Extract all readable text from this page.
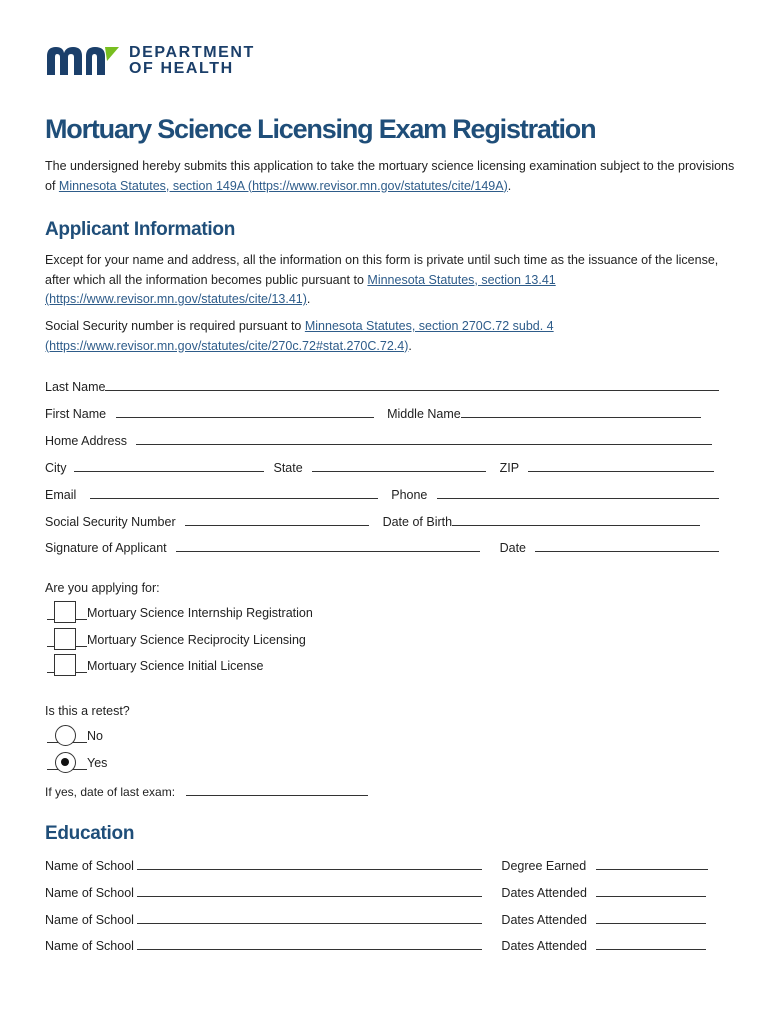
DEPARTMENT
OF HEALTH
Mortuary Science Licensing Exam Registration
The undersigned hereby submits this application to take the mortuary science licensing examination subject to the provisions of Minnesota Statutes, section 149A (https://www.revisor.mn.gov/statutes/cite/149A).
Applicant Information
Except for your name and address, all the information on this form is private until such time as the issuance of the license, after which all the information becomes public pursuant to Minnesota Statutes, section 13.41 (https://www.revisor.mn.gov/statutes/cite/13.41).
Social Security number is required pursuant to Minnesota Statutes, section 270C.72 subd. 4 (https://www.revisor.mn.gov/statutes/cite/270c.72#stat.270C.72.4).
Last Name
First Name	Middle Name
Home Address
City	State	ZIP
Email	Phone
Social Security Number	Date of Birth
Signature of Applicant	Date
Are you applying for:
Mortuary Science Internship Registration
Mortuary Science Reciprocity Licensing
Mortuary Science Initial License
Is this a retest?
No
Yes
If yes, date of last exam:
Education
Name of School	Degree Earned
Name of School	Dates Attended
Name of School	Dates Attended
Name of School	Dates Attended
